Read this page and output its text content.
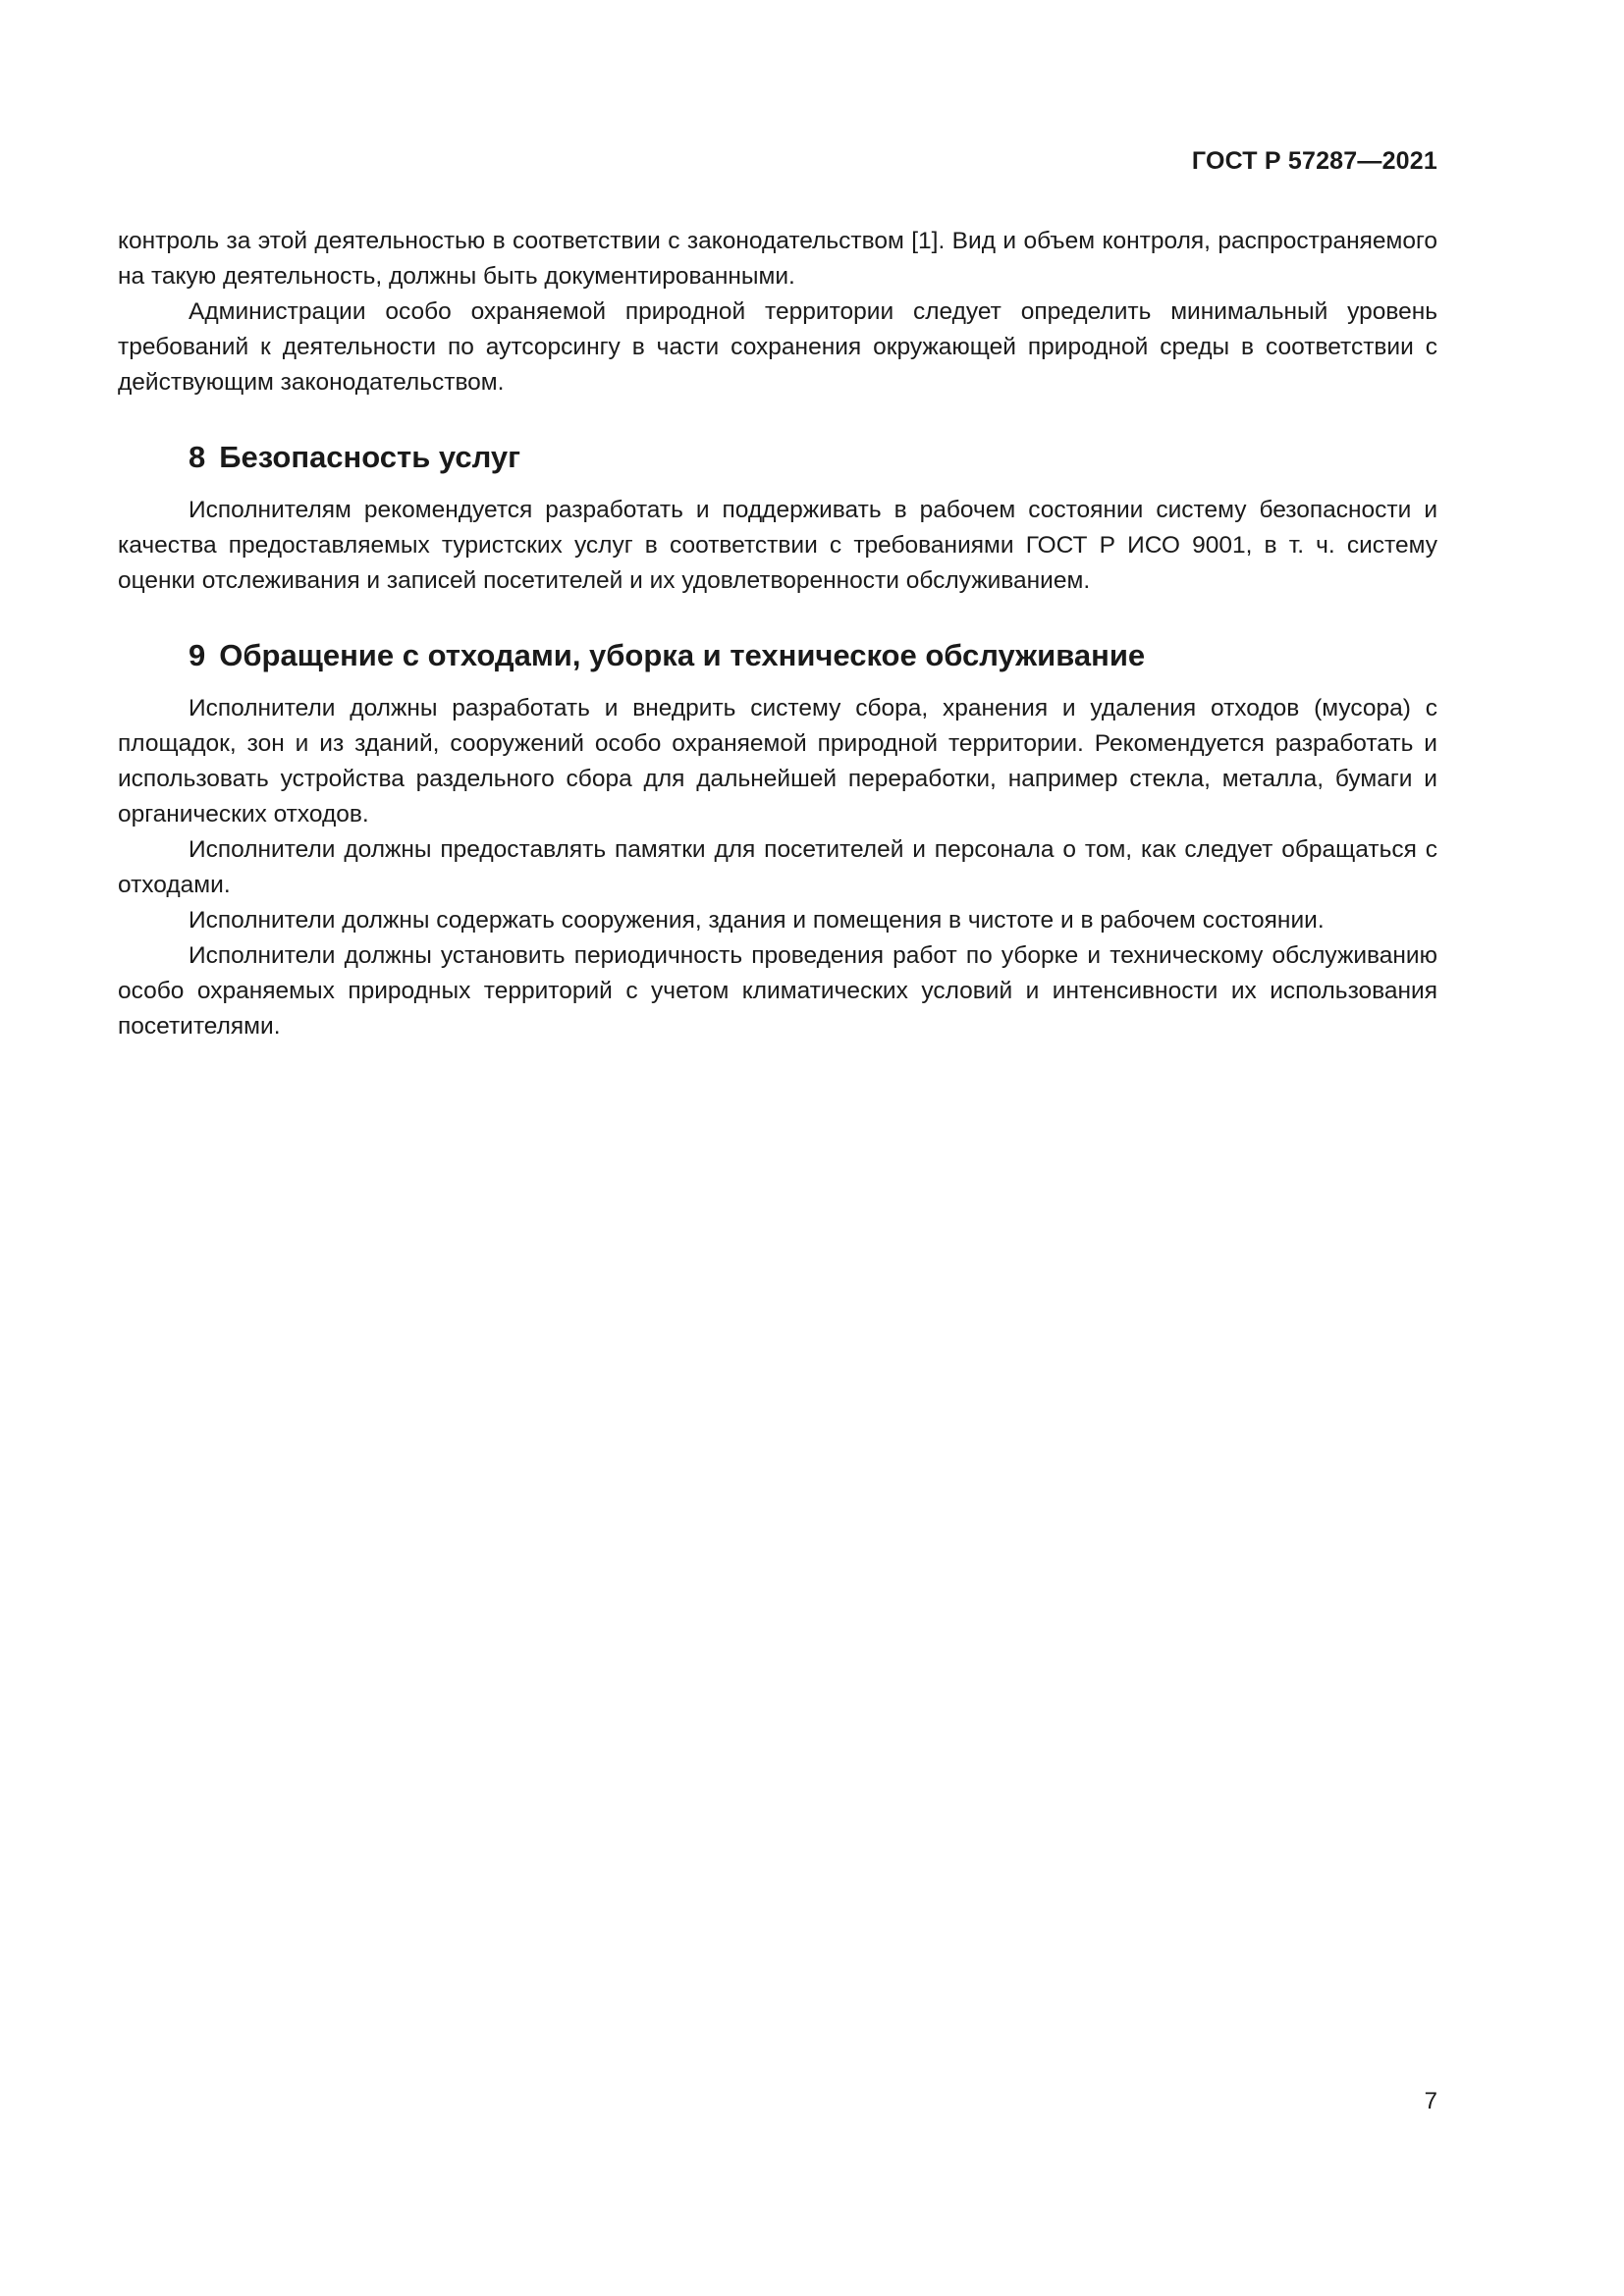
ГОСТ Р 57287—2021

контроль за этой деятельностью в соответствии с законодательством [1]. Вид и объем контроля, распространяемого на такую деятельность, должны быть документированными.

Администрации особо охраняемой природной территории следует определить минимальный уровень требований к деятельности по аутсорсингу в части сохранения окружающей природной среды в соответствии с действующим законодательством.

8 Безопасность услуг

Исполнителям рекомендуется разработать и поддерживать в рабочем состоянии систему безопасности и качества предоставляемых туристских услуг в соответствии с требованиями ГОСТ Р ИСО 9001, в т. ч. систему оценки отслеживания и записей посетителей и их удовлетворенности обслуживанием.

9 Обращение с отходами, уборка и техническое обслуживание

Исполнители должны разработать и внедрить систему сбора, хранения и удаления отходов (мусора) с площадок, зон и из зданий, сооружений особо охраняемой природной территории. Рекомендуется разработать и использовать устройства раздельного сбора для дальнейшей переработки, например стекла, металла, бумаги и органических отходов.

Исполнители должны предоставлять памятки для посетителей и персонала о том, как следует обращаться с отходами.

Исполнители должны содержать сооружения, здания и помещения в чистоте и в рабочем состоянии.

Исполнители должны установить периодичность проведения работ по уборке и техническому обслуживанию особо охраняемых природных территорий с учетом климатических условий и интенсивности их использования посетителями.

7
